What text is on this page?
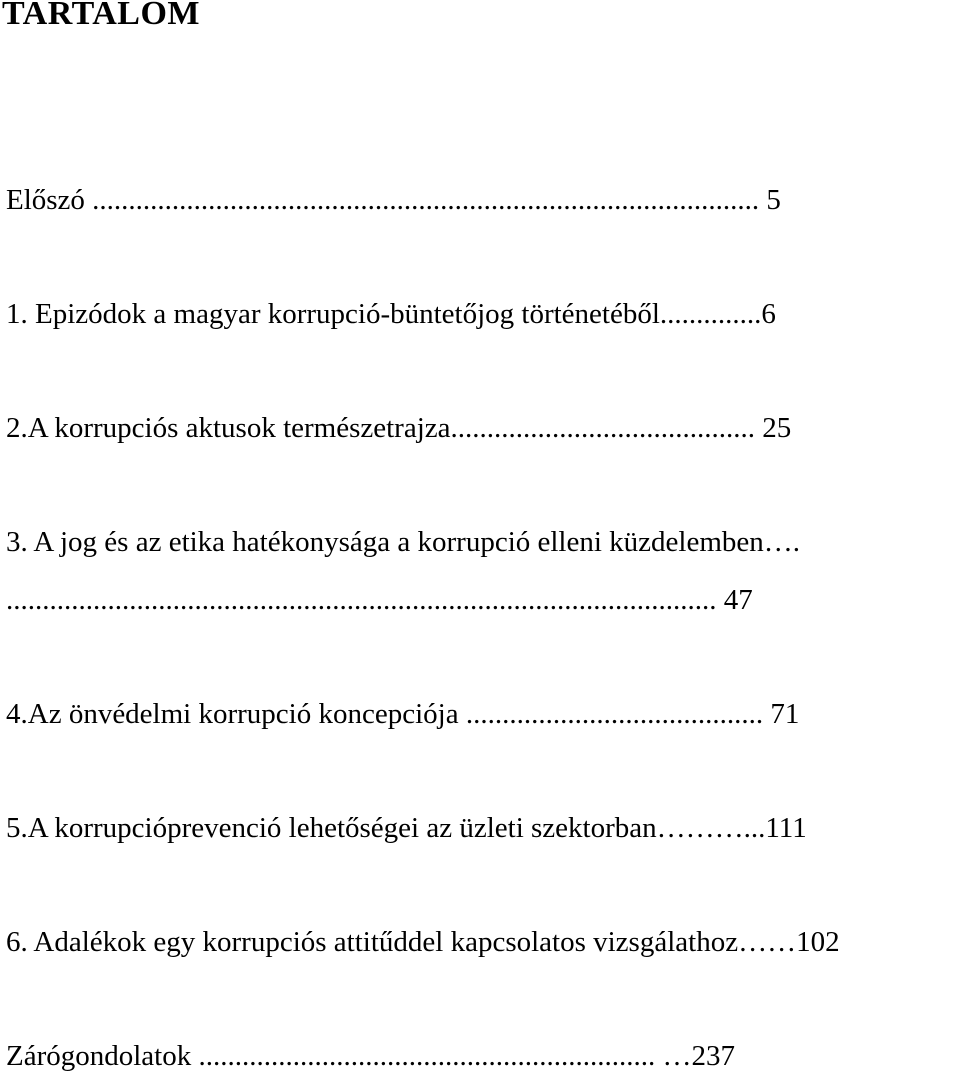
TARTALOM

Előszó ............................................................................................ 5

1. Epizódok a magyar korrupció-büntetőjog történetéből..............6

2.A korrupciós aktusok természetrajza.......................................... 25

3. A jog és az etika hatékonysága a korrupció elleni küzdelemben….

.................................................................................................. 47

4.Az önvédelmi korrupció koncepciója ......................................... 71

5.A korrupcióprevenció lehetőségei az üzleti szektorban………...111

6. Adalékok egy korrupciós attitűddel kapcsolatos vizsgálathoz……102

Zárógondolatok ............................................................... …237
